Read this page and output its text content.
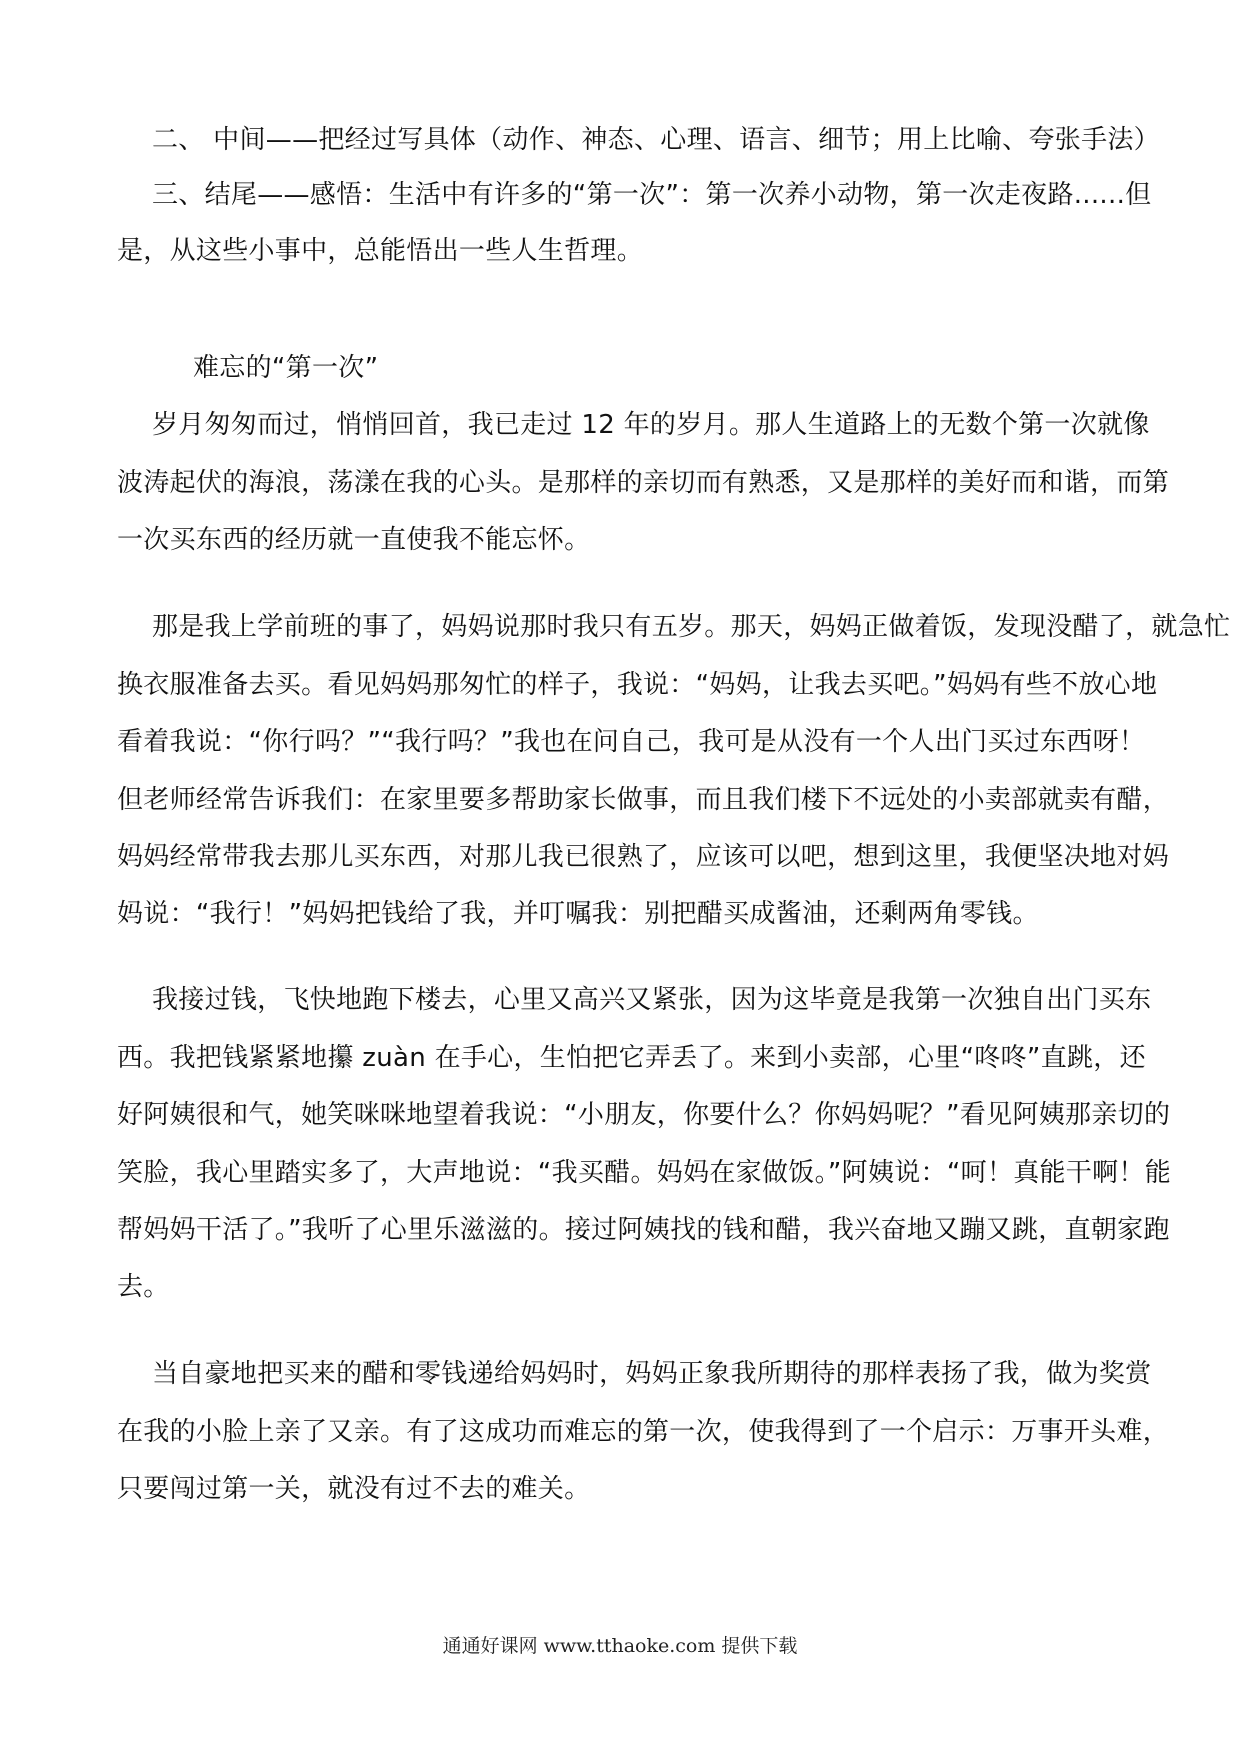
二、 中间——把经过写具体（动作、神态、心理、语言、细节；用上比喻、夸张手法）
三、结尾——感悟：生活中有许多的“第一次”：第一次养小动物，第一次走夜路......但
是，从这些小事中，总能悟出一些人生哲理。
难忘的“第一次”
岁月匆匆而过，悄悄回首，我已走过 12 年的岁月。那人生道路上的无数个第一次就像
波涛起伏的海浪，荡漾在我的心头。是那样的亲切而有熟悉，又是那样的美好而和谐，而第
一次买东西的经历就一直使我不能忘怀。
那是我上学前班的事了，妈妈说那时我只有五岁。那天，妈妈正做着饭，发现没醋了，就急忙
换衣服准备去买。看见妈妈那匆忙的样子，我说：“妈妈，让我去买吧。”妈妈有些不放心地
看着我说：“你行吗？”“我行吗？”我也在问自己，我可是从没有一个人出门买过东西呀！
但老师经常告诉我们：在家里要多帮助家长做事，而且我们楼下不远处的小卖部就卖有醋，
妈妈经常带我去那儿买东西，对那儿我已很熟了，应该可以吧，想到这里，我便坚决地对妈
妈说：“我行！”妈妈把钱给了我，并叮嘱我：别把醋买成酱油，还剩两角零钱。
我接过钱，飞快地跑下楼去，心里又高兴又紧张，因为这毕竟是我第一次独自出门买东
西。我把钱紧紧地攥 zuàn 在手心，生怕把它弄丢了。来到小卖部，心里“咚咚”直跳，还
好阿姨很和气，她笑咪咪地望着我说：“小朋友，你要什么？你妈妈呢？”看见阿姨那亲切的
笑脸，我心里踏实多了，大声地说：“我买醋。妈妈在家做饭。”阿姨说：“呵！真能干啊！能
帮妈妈干活了。”我听了心里乐滋滋的。接过阿姨找的钱和醋，我兴奋地又蹦又跳，直朝家跑
去。
当自豪地把买来的醋和零钱递给妈妈时，妈妈正象我所期待的那样表扬了我，做为奖赏
在我的小脸上亲了又亲。有了这成功而难忘的第一次，使我得到了一个启示：万事开头难，
只要闯过第一关，就没有过不去的难关。
通通好课网 www.tthaoke.com 提供下载
